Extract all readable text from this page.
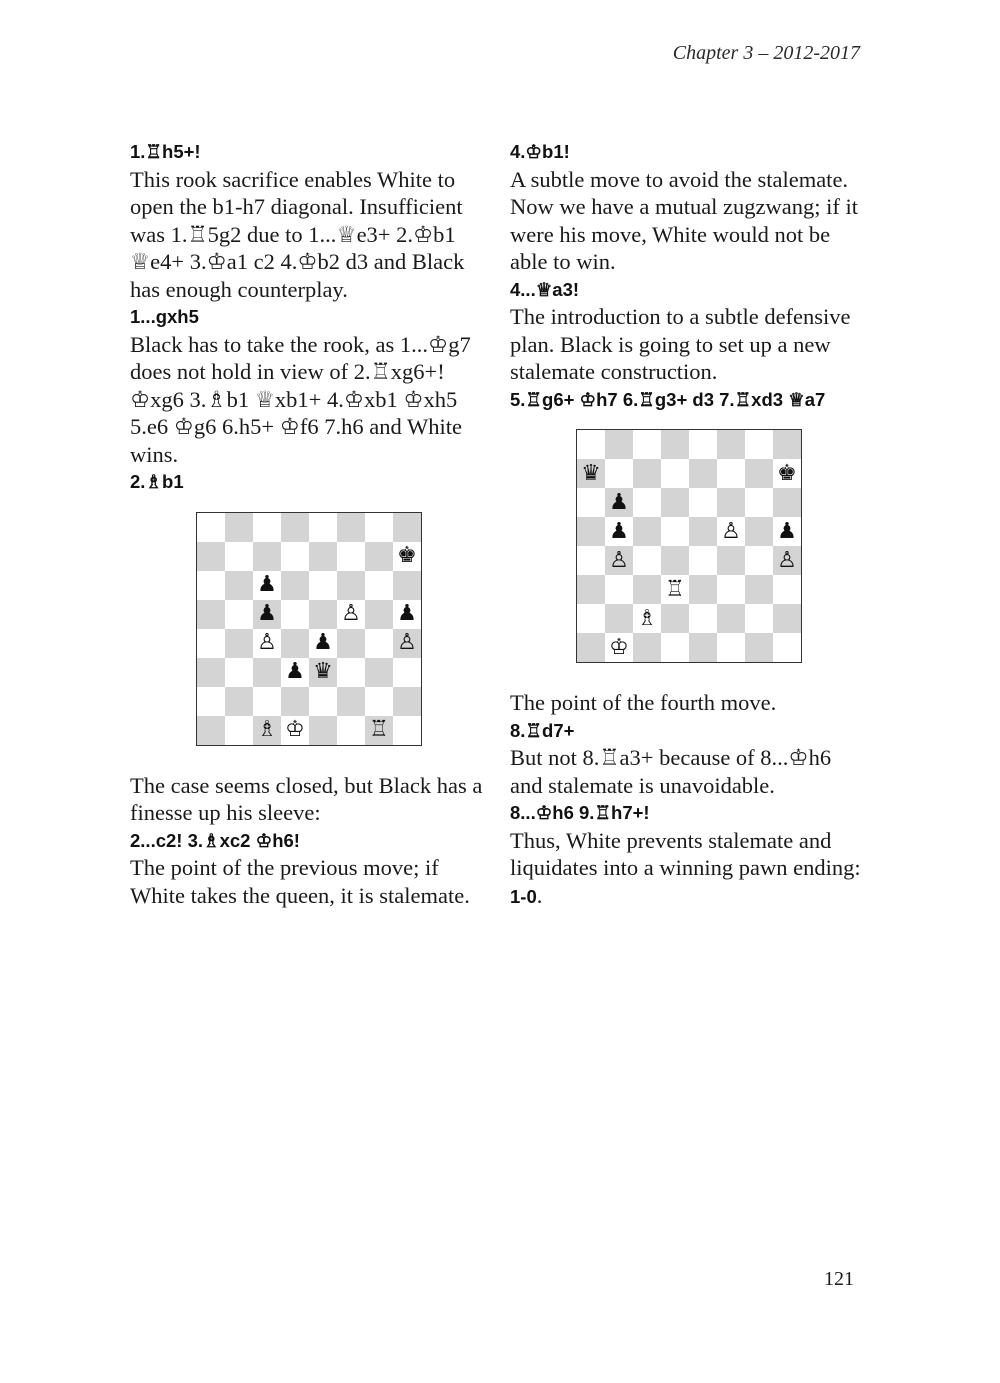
Chapter 3 – 2012-2017
1.♖h5+!
This rook sacrifice enables White to open the b1-h7 diagonal. Insufficient was 1.♖5g2 due to 1...♕e3+ 2.♔b1 ♕e4+ 3.♔a1 c2 4.♔b2 d3 and Black has enough counterplay.
1...gxh5
Black has to take the rook, as 1...♔g7 does not hold in view of 2.♖xg6+! ♔xg6 3.♗b1 ♕xb1+ 4.♔xb1 ♔xh5 5.e6 ♔g6 6.h5+ ♔f6 7.h6 and White wins.
2.♗b1
♚
♟
♟	♙ ♟
♙ ♟	♙
♟ ♛
♗ ♔	♖
The case seems closed, but Black has a finesse up his sleeve:
2...c2! 3.♗xc2 ♔h6!
The point of the previous move; if White takes the queen, it is stalemate.
4.♔b1!
A subtle move to avoid the stalemate. Now we have a mutual zugzwang; if it were his move, White would not be able to win.
4...♕a3!
The introduction to a subtle defensive plan. Black is going to set up a new stalemate construction.
5.♖g6+ ♔h7 6.♖g3+ d3 7.♖xd3 ♕a7
♛	♚
♟
♟	♙ ♟
♙	♙
♖
♗
♔
The point of the fourth move.
8.♖d7+
But not 8.♖a3+ because of 8...♔h6 and stalemate is unavoidable.
8...♔h6 9.♖h7+!
Thus, White prevents stalemate and liquidates into a winning pawn ending: 1-0.
121
